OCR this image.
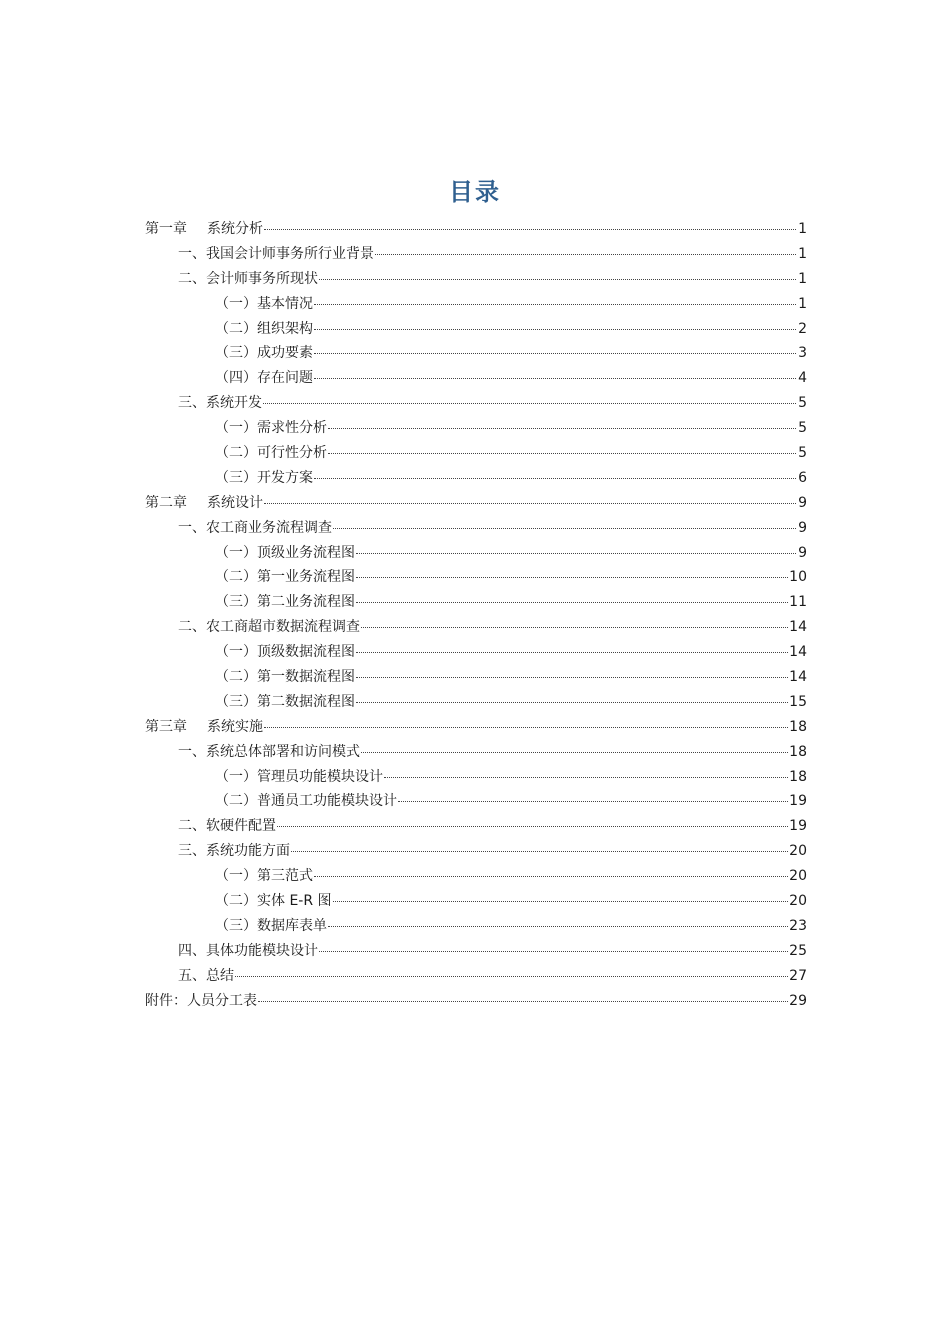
目录
第一章 系统分析	1
一、我国会计师事务所行业背景	1
二、会计师事务所现状	1
（一）基本情况	1
（二）组织架构	2
（三）成功要素	3
（四）存在问题	4
三、系统开发	5
（一）需求性分析	5
（二）可行性分析	5
（三）开发方案	6
第二章 系统设计	9
一、农工商业务流程调查	9
（一）顶级业务流程图	9
（二）第一业务流程图	10
（三）第二业务流程图	11
二、农工商超市数据流程调查	14
（一）顶级数据流程图	14
（二）第一数据流程图	14
（三）第二数据流程图	15
第三章 系统实施	18
一、系统总体部署和访问模式	18
（一）管理员功能模块设计	18
（二）普通员工功能模块设计	19
二、软硬件配置	19
三、系统功能方面	20
（一）第三范式	20
（二）实体 E-R 图	20
（三）数据库表单	23
四、具体功能模块设计	25
五、总结	27
附件：人员分工表	29
